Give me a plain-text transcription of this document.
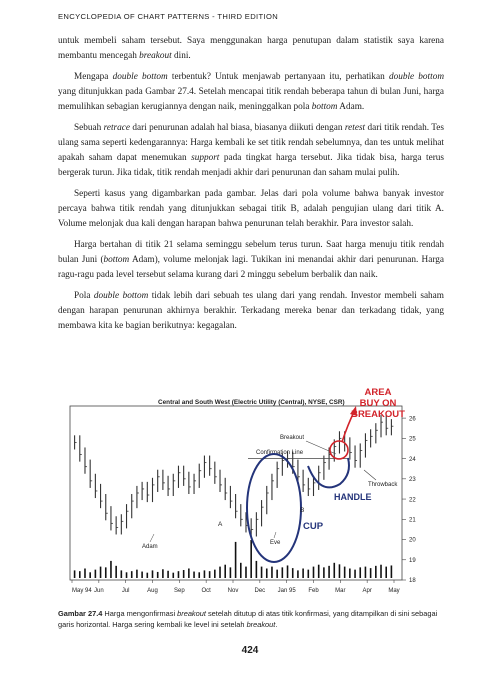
ENCYCLOPEDIA OF CHART PATTERNS - THIRD EDITION

untuk membeli saham tersebut. Saya menggunakan harga penutupan dalam statistik saya karena membantu mencegah breakout dini.

Mengapa double bottom terbentuk? Untuk menjawab pertanyaan itu, perhatikan double bottom yang ditunjukkan pada Gambar 27.4. Setelah mencapai titik rendah beberapa tahun di bulan Juni, harga memulihkan sebagian kerugiannya dengan naik, meninggalkan pola bottom Adam.

Sebuah retrace dari penurunan adalah hal biasa, biasanya diikuti dengan retest dari titik rendah. Tes ulang sama seperti kedengarannya: Harga kembali ke set titik rendah sebelumnya, dan tes untuk melihat apakah saham dapat menemukan support pada tingkat harga tersebut. Jika tidak bisa, harga terus bergerak turun. Jika tidak, titik rendah menjadi akhir dari penurunan dan saham mulai pulih.

Seperti kasus yang digambarkan pada gambar. Jelas dari pola volume bahwa banyak investor percaya bahwa titik rendah yang ditunjukkan sebagai titik B, adalah pengujian ulang dari titik A. Volume melonjak dua kali dengan harapan bahwa penurunan telah berakhir. Para investor salah.

Harga bertahan di titik 21 selama seminggu sebelum terus turun. Saat harga menuju titik rendah bulan Juni (bottom Adam), volume melonjak lagi. Tukikan ini menandai akhir dari penurunan. Harga ragu-ragu pada level tersebut selama kurang dari 2 minggu sebelum berbalik dan naik.

Pola double bottom tidak lebih dari sebuah tes ulang dari yang rendah. Investor membeli saham dengan harapan penurunan akhirnya berakhir. Terkadang mereka benar dan terkadang tidak, yang membawa kita ke bagian berikutnya: kegagalan.

26
25
24
23
22
21
20
19
18
May 94 Jun	Jul	Aug	Sep	Oct	Nov	Dec Jan 95 Feb	Mar	Apr	May
Central and South West (Electric Utility (Central), NYSE, CSR)
Confirmation Line
Breakout
CUP
HANDLE
AREA
BUY ON
BREAKOUT
Throwback
A
B
Adam
Eve
Gambar 27.4 Harga mengonfirmasi breakout setelah ditutup di atas titik konfirmasi, yang ditampilkan di sini sebagai garis horizontal. Harga sering kembali ke level ini setelah breakout.
424
